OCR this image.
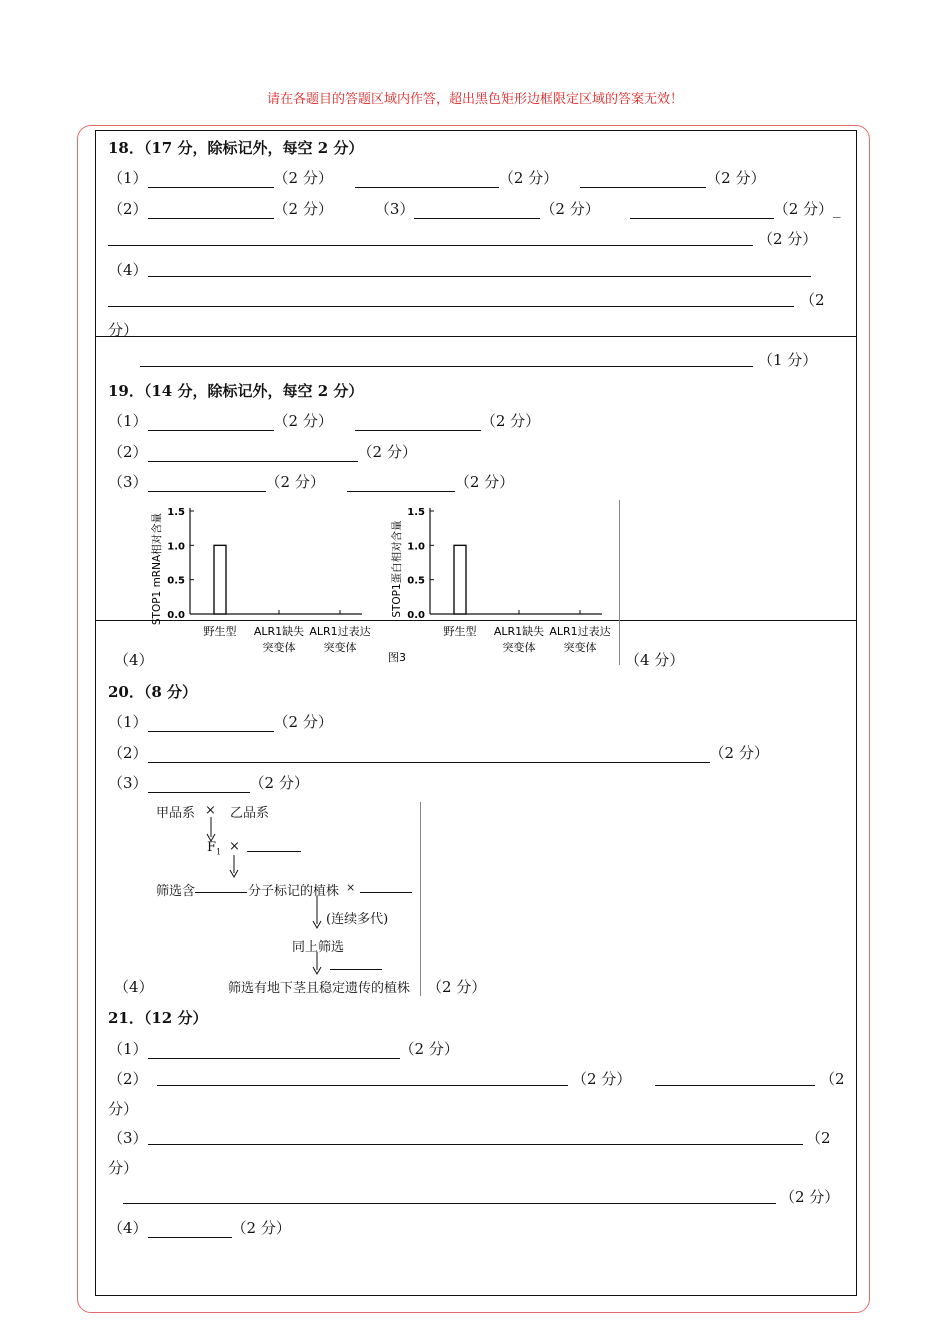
请在各题目的答题区域内作答，超出黑色矩形边框限定区域的答案无效！
18．（17 分，除标记外，每空 2 分）
（1）	（2 分）	（2 分）	（2 分）
（2）	（2 分）	（3）	（2 分）	（2 分）_
（2 分）
（4）
（2
分）
（1 分）
19．（14 分，除标记外，每空 2 分）
（1）	（2 分）	（2 分）
（2）	（2 分）
（3）	（2 分）	（2 分）
0.0
0.5
1.0
1.5
STOP1 mRNA相对含量
野生型 ALR1缺失
突变体
ALR1过表达
突变体
0.0
0.5
1.0
1.5
STOP1蛋白相对含量
野生型 ALR1缺失
突变体
ALR1过表达
突变体
图3
（4）	（4 分）
20．（8 分）
（1）	（2 分）
（2）	（2 分）
（3）	（2 分）
甲品系 × 乙品系
$F_1$ ×
筛选含	分子标记的植株 ×
(连续多代)
同上筛选
筛选有地下茎且稳定遗传的植株
（4）	（2 分）
21．（12 分）
（1）	（2 分）
（2）	（2 分）	（2
分）
（3）	（2
分）
（2 分）
（4）	（2 分）
